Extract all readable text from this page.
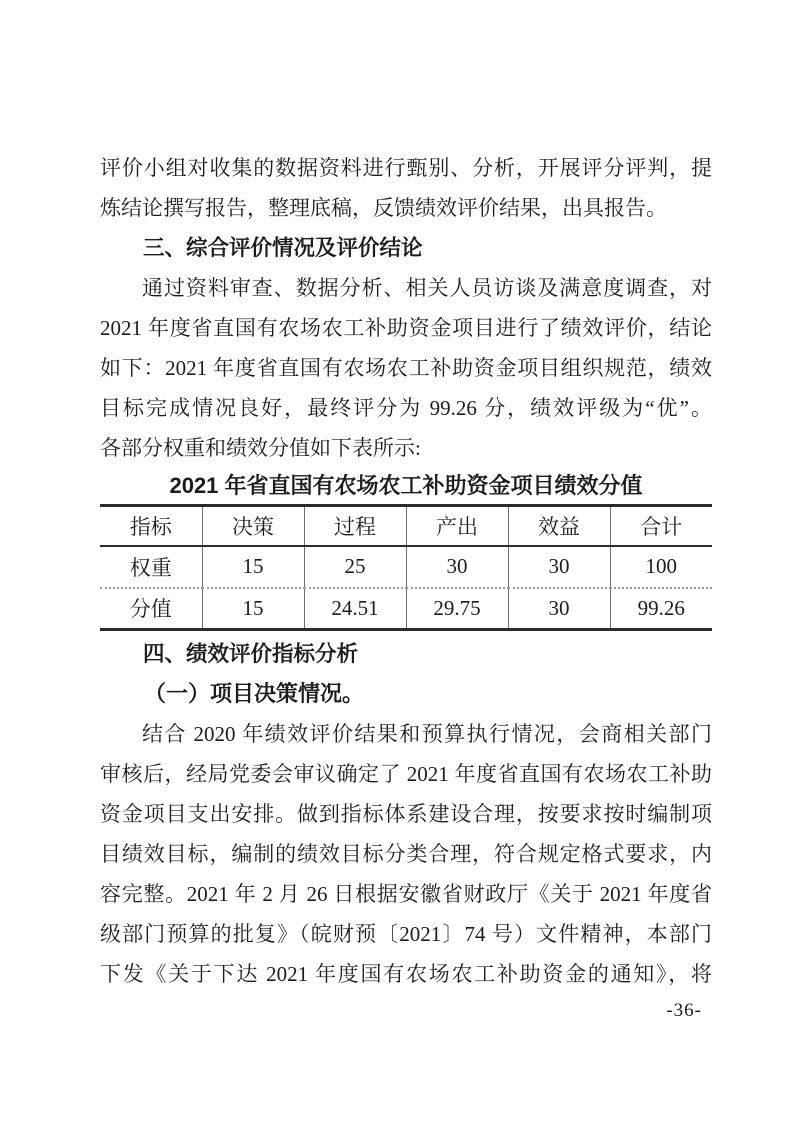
评价小组对收集的数据资料进行甄别、分析，开展评分评判，提
炼结论撰写报告，整理底稿，反馈绩效评价结果，出具报告。
三、综合评价情况及评价结论
通过资料审查、数据分析、相关人员访谈及满意度调查，对
2021 年度省直国有农场农工补助资金项目进行了绩效评价，结论
如下：2021 年度省直国有农场农工补助资金项目组织规范，绩效
目标完成情况良好，最终评分为 99.26 分，绩效评级为“优”。
各部分权重和绩效分值如下表所示:
2021 年省直国有农场农工补助资金项目绩效分值
指标	决策	过程	产出	效益	合计
权重	15	25	30	30	100
分值	15	24.51	29.75	30	99.26
四、绩效评价指标分析
（一）项目决策情况。
结合 2020 年绩效评价结果和预算执行情况，会商相关部门
审核后，经局党委会审议确定了 2021 年度省直国有农场农工补助
资金项目支出安排。做到指标体系建设合理，按要求按时编制项
目绩效目标，编制的绩效目标分类合理，符合规定格式要求，内
容完整。2021 年 2 月 26 日根据安徽省财政厅《关于 2021 年度省
级部门预算的批复》（皖财预〔2021〕74 号）文件精神，本部门
下发《关于下达 2021 年度国有农场农工补助资金的通知》，将
-36-
